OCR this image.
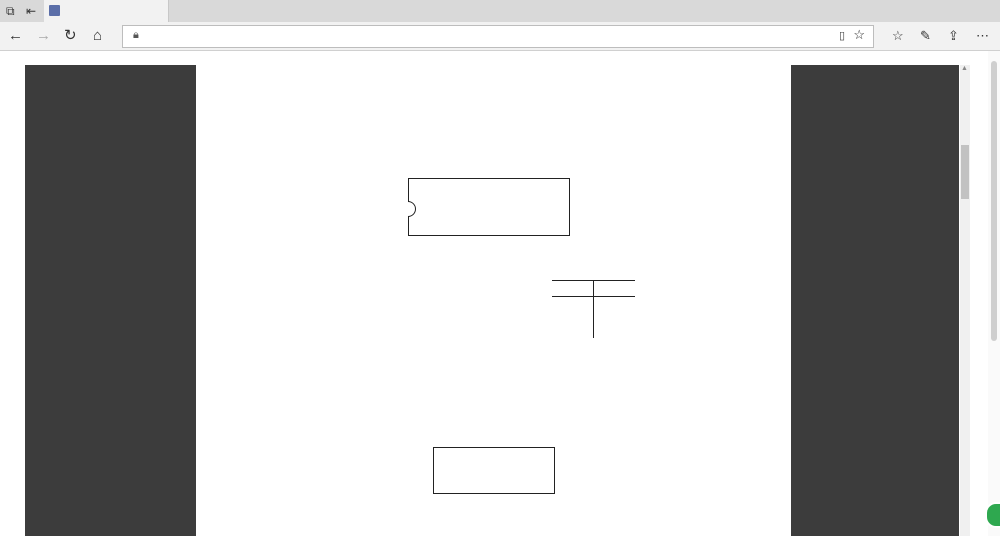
⧉ ⇤
← → ↻ ⌂	🔒︎	▯ ☆ ☆ ✎ ⇪ ⋯

▲
